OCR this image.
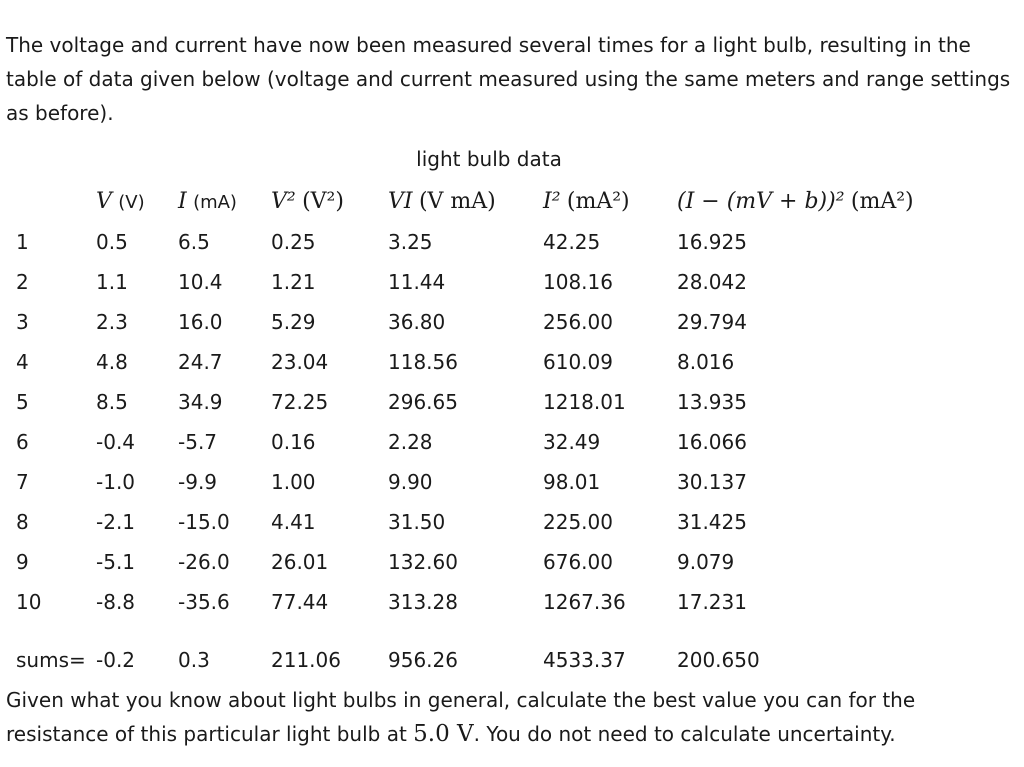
The voltage and current have now been measured several times for a light bulb, resulting in the table of data given below (voltage and current measured using the same meters and range settings as before).

light bulb data
	V (V)	I (mA)	V² (V²)	VI (V mA)	I² (mA²)	(I − (mV + b))² (mA²)
1	0.5	6.5	0.25	3.25	42.25	16.925
2	1.1	10.4	1.21	11.44	108.16	28.042
3	2.3	16.0	5.29	36.80	256.00	29.794
4	4.8	24.7	23.04	118.56	610.09	8.016
5	8.5	34.9	72.25	296.65	1218.01	13.935
6	-0.4	-5.7	0.16	2.28	32.49	16.066
7	-1.0	-9.9	1.00	9.90	98.01	30.137
8	-2.1	-15.0	4.41	31.50	225.00	31.425
9	-5.1	-26.0	26.01	132.60	676.00	9.079
10	-8.8	-35.6	77.44	313.28	1267.36	17.231
sums=	-0.2	0.3	211.06	956.26	4533.37	200.650

Given what you know about light bulbs in general, calculate the best value you can for the resistance of this particular light bulb at 5.0 V. You do not need to calculate uncertainty.
